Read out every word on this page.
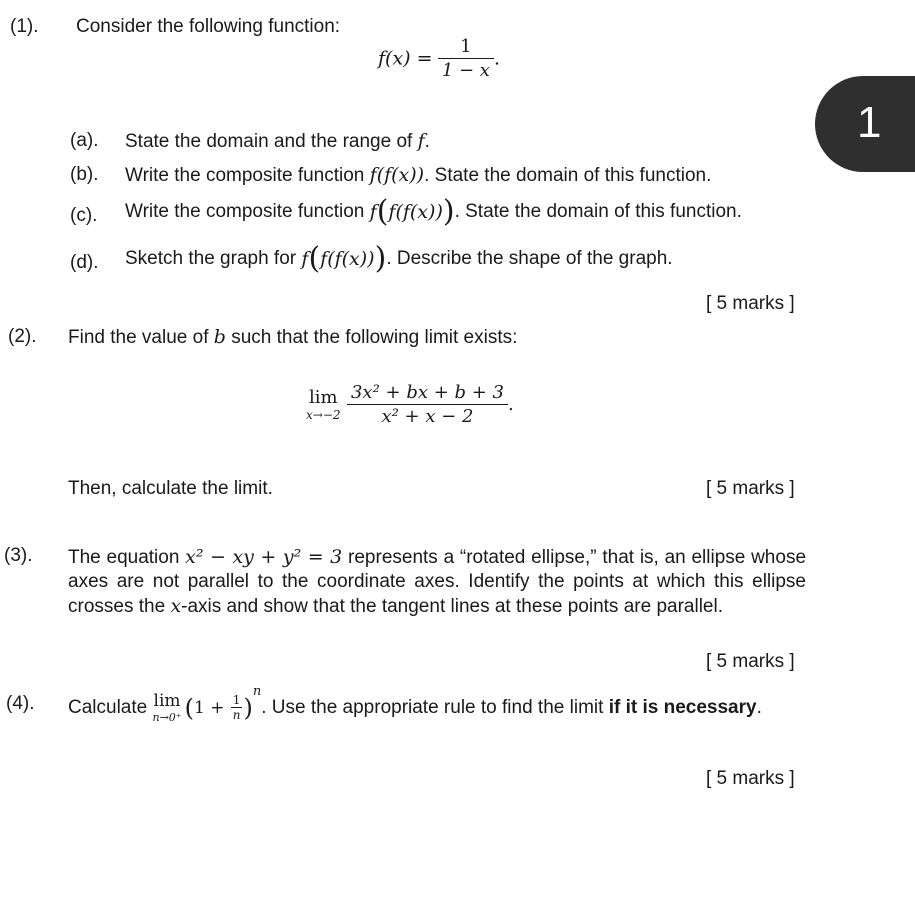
1
(1). Consider the following function:
$f(x) = \frac{1}{1 - x}$ .
(a). State the domain and the range of f.
(b). Write the composite function f(f(x)). State the domain of this function.
(c). Write the composite function f(f(f(x))). State the domain of this function.
(d). Sketch the graph for f(f(f(x))). Describe the shape of the graph.
[ 5 marks ]
(2). Find the value of b such that the following limit exists:
lim
x→−2
$\frac{\text{3x² + bx + b + 3}}{\text{x² + x − 2}}$ .
Then, calculate the limit.	[ 5 marks ]
(3). The equation x² − xy + y² = 3 represents a “rotated ellipse,” that is, an ellipse whose axes are not parallel to the coordinate axes. Identify the points at which this ellipse crosses the x-axis and show that the tangent lines at these points are parallel.
[ 5 marks ]
(4). Calculate lim
n→0⁺ $(1 + \frac{1}{n} )^n$. Use the appropriate rule to find the limit if it is necessary.
[ 5 marks ]
